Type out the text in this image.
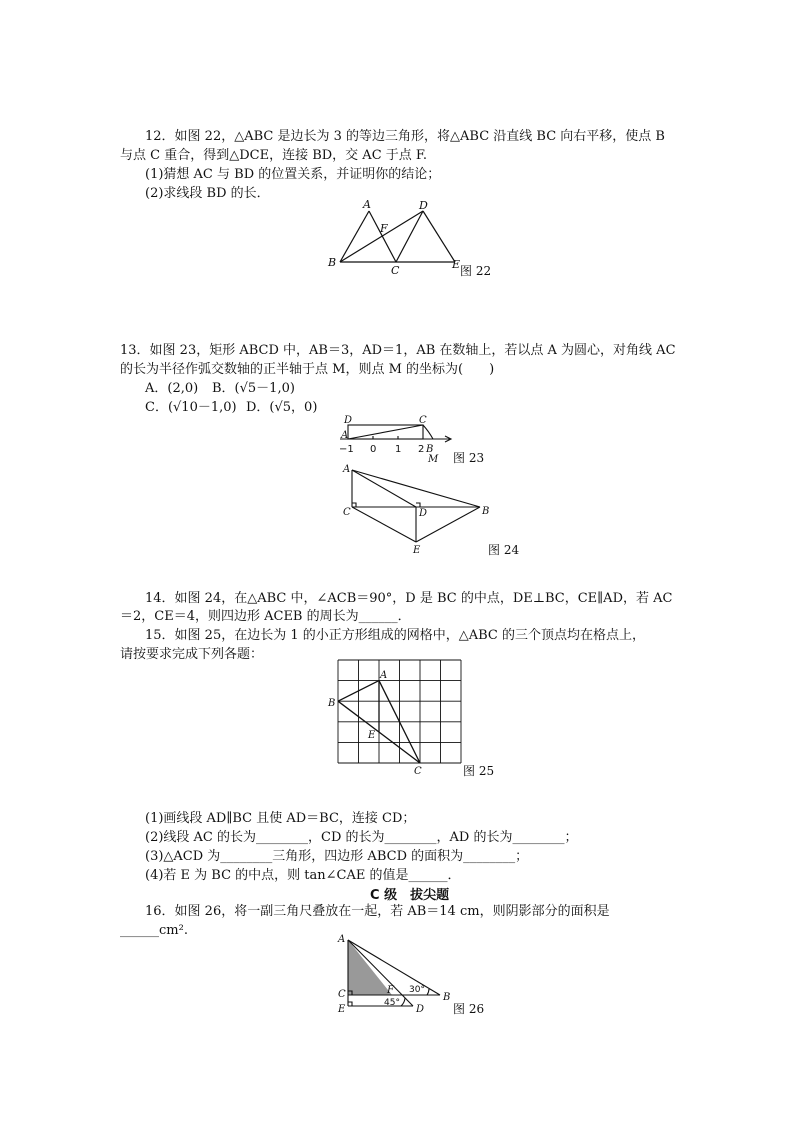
12．如图 22，△ABC 是边长为 3 的等边三角形，将△ABC 沿直线 BC 向右平移，使点 B
与点 C 重合，得到△DCE，连接 BD，交 AC 于点 F.
(1)猜想 AC 与 BD 的位置关系，并证明你的结论；
(2)求线段 BD 的长．
A
B
C
D
E
F
图 22
13．如图 23，矩形 ABCD 中，AB＝3，AD＝1，AB 在数轴上，若以点 A 为圆心，对角线 AC
的长为半径作弧交数轴的正半轴于点 M，则点 M 的坐标为(　　)
A．(2,0) B．(√5－1,0)
C．(√10－1,0) D．(√5，0)
D	C
A
B
M
−1 0 1 2
图 23
A
C	D	B
E	图 24
14．如图 24，在△ABC 中，∠ACB＝90°，D 是 BC 的中点，DE⊥BC，CE∥AD，若 AC
＝2，CE＝4，则四边形 ACEB 的周长为______．
15．如图 25，在边长为 1 的小正方形组成的网格中，△ABC 的三个顶点均在格点上，
请按要求完成下列各题：
A
B
C
E
图 25
(1)画线段 AD∥BC 且使 AD＝BC，连接 CD；
(2)线段 AC 的长为________，CD 的长为________，AD 的长为________；
(3)△ACD 为________三角形，四边形 ABCD 的面积为________；
(4)若 E 为 BC 的中点，则 tan∠CAE 的值是______．
C 级　拔尖题
16．如图 26，将一副三角尺叠放在一起，若 AB＝14 cm，则阴影部分的面积是
______cm².
A
C
E
F
B
D
30°
45°	图 26
